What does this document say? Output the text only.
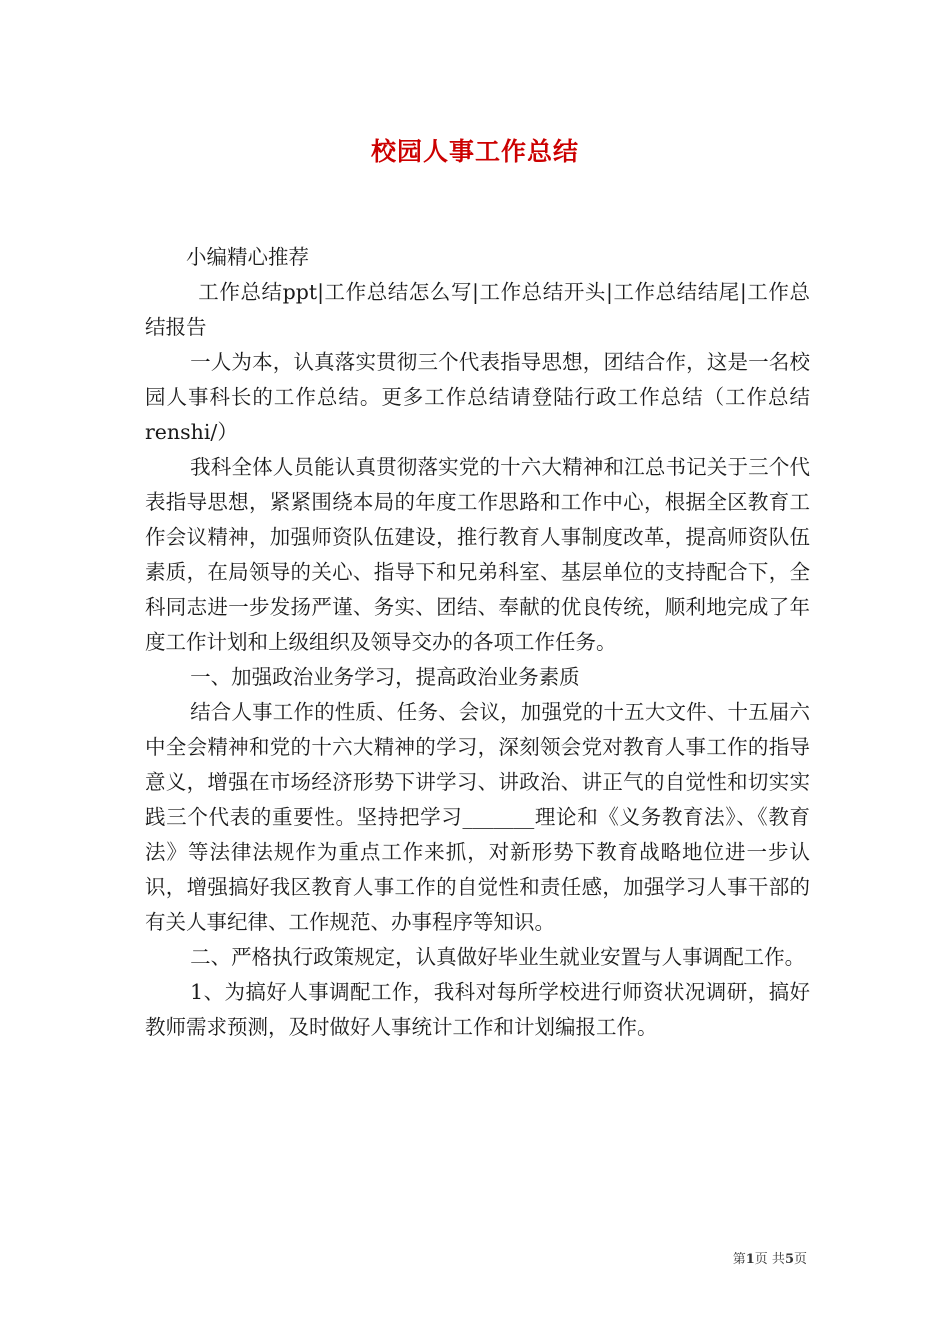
校园人事工作总结

小编精心推荐

工作总结ppt|工作总结怎么写|工作总结开头|工作总结结尾|工作总结报告

一人为本，认真落实贯彻三个代表指导思想，团结合作，这是一名校园人事科长的工作总结。更多工作总结请登陆行政工作总结（工作总结renshi/）

我科全体人员能认真贯彻落实党的十六大精神和江总书记关于三个代表指导思想，紧紧围绕本局的年度工作思路和工作中心，根据全区教育工作会议精神，加强师资队伍建设，推行教育人事制度改革，提高师资队伍素质，在局领导的关心、指导下和兄弟科室、基层单位的支持配合下，全科同志进一步发扬严谨、务实、团结、奉献的优良传统，顺利地完成了年度工作计划和上级组织及领导交办的各项工作任务。

一、加强政治业务学习，提高政治业务素质

结合人事工作的性质、任务、会议，加强党的十五大文件、十五届六中全会精神和党的十六大精神的学习，深刻领会党对教育人事工作的指导意义，增强在市场经济形势下讲学习、讲政治、讲正气的自觉性和切实实践三个代表的重要性。坚持把学习_______理论和《义务教育法》、《教育法》等法律法规作为重点工作来抓，对新形势下教育战略地位进一步认识，增强搞好我区教育人事工作的自觉性和责任感，加强学习人事干部的有关人事纪律、工作规范、办事程序等知识。

二、严格执行政策规定，认真做好毕业生就业安置与人事调配工作。

1、为搞好人事调配工作，我科对每所学校进行师资状况调研，搞好教师需求预测，及时做好人事统计工作和计划编报工作。

第1页 共5页
